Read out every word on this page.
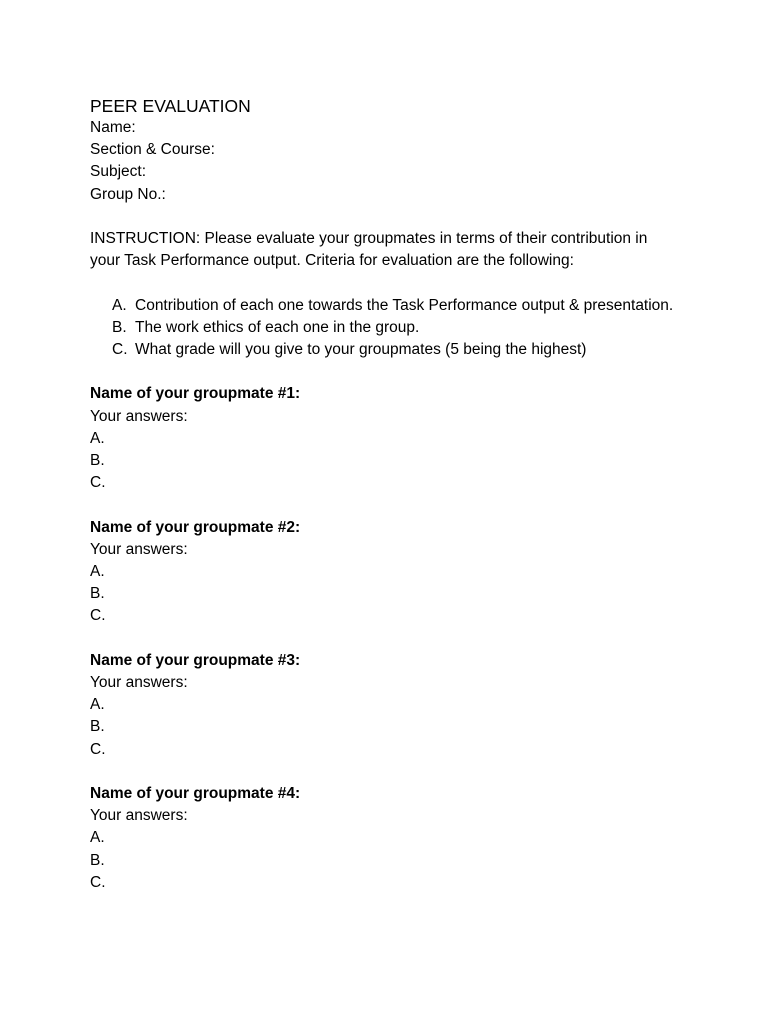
PEER EVALUATION
Name:
Section & Course:
Subject:
Group No.:
INSTRUCTION: Please evaluate your groupmates in terms of their contribution in your Task Performance output. Criteria for evaluation are the following:
A. Contribution of each one towards the Task Performance output & presentation.
B. The work ethics of each one in the group.
C. What grade will you give to your groupmates (5 being the highest)
Name of your groupmate #1:
Your answers:
A.
B.
C.
Name of your groupmate #2:
Your answers:
A.
B.
C.
Name of your groupmate #3:
Your answers:
A.
B.
C.
Name of your groupmate #4:
Your answers:
A.
B.
C.
